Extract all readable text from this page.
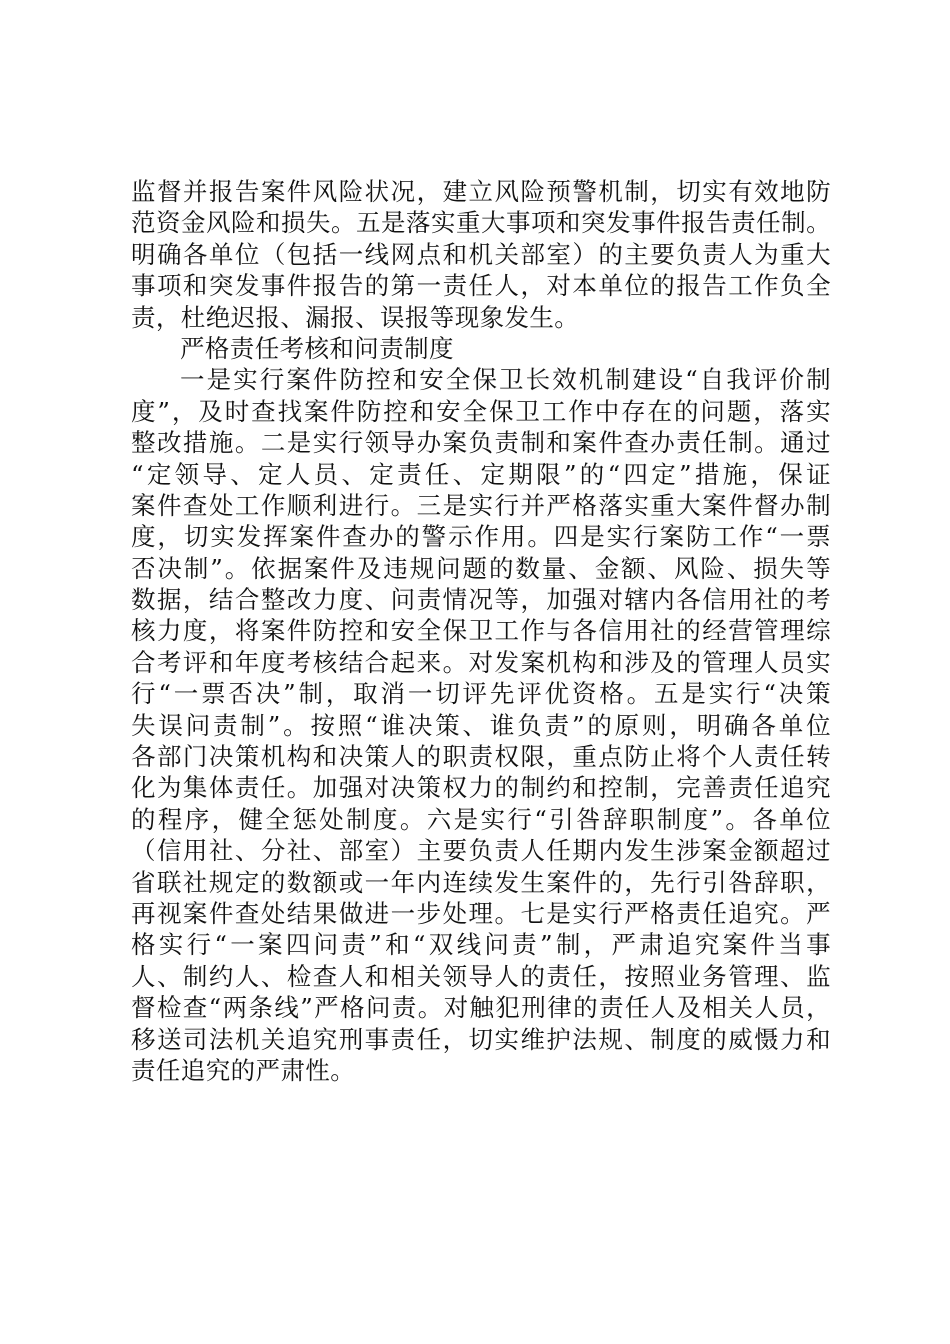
监督并报告案件风险状况，建立风险预警机制，切实有效地防
范资金风险和损失。五是落实重大事项和突发事件报告责任制。
明确各单位（包括一线网点和机关部室）的主要负责人为重大
事项和突发事件报告的第一责任人，对本单位的报告工作负全
责，杜绝迟报、漏报、误报等现象发生。
严格责任考核和问责制度
一是实行案件防控和安全保卫长效机制建设“自我评价制
度”，及时查找案件防控和安全保卫工作中存在的问题，落实
整改措施。二是实行领导办案负责制和案件查办责任制。通过
“定领导、定人员、定责任、定期限”的“四定”措施，保证
案件查处工作顺利进行。三是实行并严格落实重大案件督办制
度，切实发挥案件查办的警示作用。四是实行案防工作“一票
否决制”。依据案件及违规问题的数量、金额、风险、损失等
数据，结合整改力度、问责情况等，加强对辖内各信用社的考
核力度，将案件防控和安全保卫工作与各信用社的经营管理综
合考评和年度考核结合起来。对发案机构和涉及的管理人员实
行“一票否决”制，取消一切评先评优资格。五是实行“决策
失误问责制”。按照“谁决策、谁负责”的原则，明确各单位
各部门决策机构和决策人的职责权限，重点防止将个人责任转
化为集体责任。加强对决策权力的制约和控制，完善责任追究
的程序，健全惩处制度。六是实行“引咎辞职制度”。各单位
（信用社、分社、部室）主要负责人任期内发生涉案金额超过
省联社规定的数额或一年内连续发生案件的，先行引咎辞职，
再视案件查处结果做进一步处理。七是实行严格责任追究。严
格实行“一案四问责”和“双线问责”制，严肃追究案件当事
人、制约人、检查人和相关领导人的责任，按照业务管理、监
督检查“两条线”严格问责。对触犯刑律的责任人及相关人员，
移送司法机关追究刑事责任，切实维护法规、制度的威慑力和
责任追究的严肃性。
